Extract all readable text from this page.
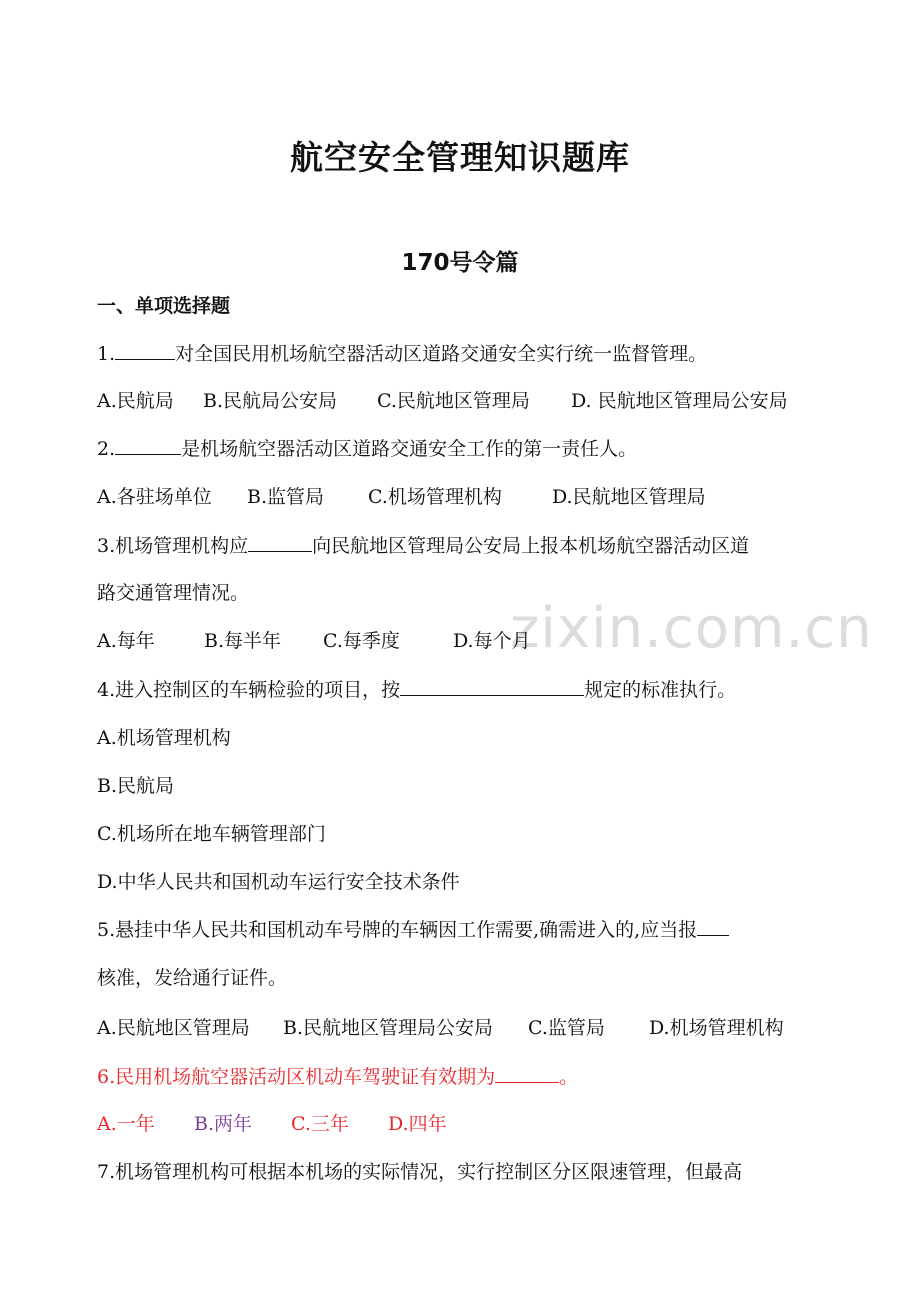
zixin.com.cn
航空安全管理知识题库
170号令篇
一、单项选择题

1.	对全国民用机场航空器活动区道路交通安全实行统一监督管理。

A.民航局 B.民航局公安局 C.民航地区管理局 D. 民航地区管理局公安局

2.	是机场航空器活动区道路交通安全工作的第一责任人。

A.各驻场单位 B.监管局 C.机场管理机构	D.民航地区管理局

3.机场管理机构应	向民航地区管理局公安局上报本机场航空器活动区道

路交通管理情况。

A.每年	B.每半年 C.每季度	D.每个月

4.进入控制区的车辆检验的项目，按	规定的标准执行。

A.机场管理机构

B.民航局

C.机场所在地车辆管理部门

D.中华人民共和国机动车运行安全技术条件

5.悬挂中华人民共和国机动车号牌的车辆因工作需要,确需进入的,应当报

核准，发给通行证件。

A.民航地区管理局 B.民航地区管理局公安局 C.监管局 D.机场管理机构

6.民用机场航空器活动区机动车驾驶证有效期为	。

A.一年 B.两年 C.三年 D.四年

7.机场管理机构可根据本机场的实际情况，实行控制区分区限速管理，但最高
